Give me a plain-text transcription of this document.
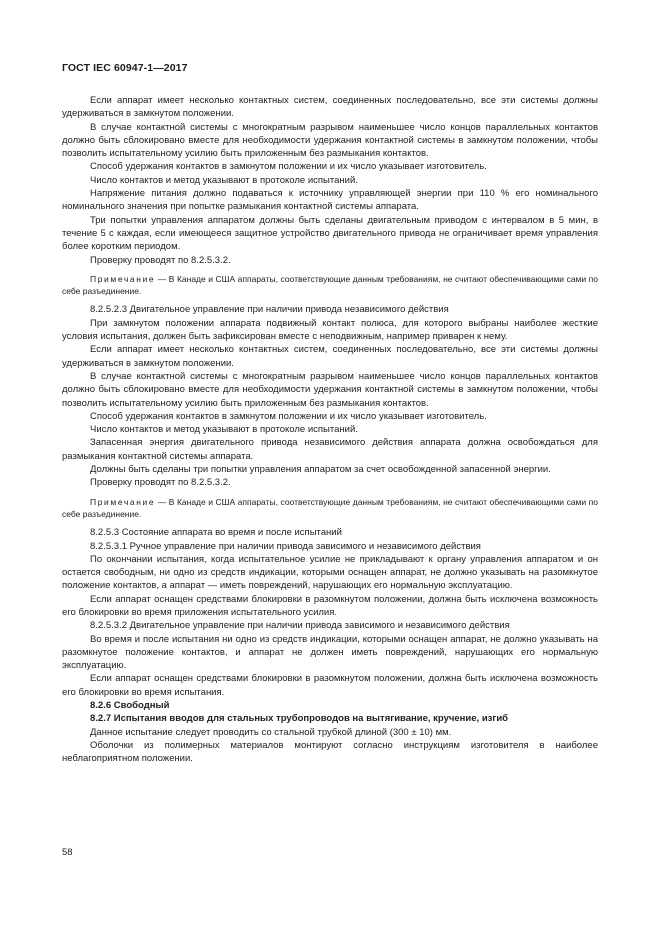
ГОСТ IEC 60947-1—2017

Если аппарат имеет несколько контактных систем, соединенных последовательно, все эти системы должны удерживаться в замкнутом положении.

В случае контактной системы с многократным разрывом наименьшее число концов параллельных контактов должно быть сблокировано вместе для необходимости удержания контактной системы в замкнутом положении, чтобы позволить испытательному усилию быть приложенным без размыкания контактов.

Способ удержания контактов в замкнутом положении и их число указывает изготовитель.

Число контактов и метод указывают в протоколе испытаний.

Напряжение питания должно подаваться к источнику управляющей энергии при 110 % его номинального номинального значения при попытке размыкания контактной системы аппарата.

Три попытки управления аппаратом должны быть сделаны двигательным приводом с интервалом в 5 мин, в течение 5 с каждая, если имеющееся защитное устройство двигательного привода не ограничивает время управления более коротким периодом.

Проверку проводят по 8.2.5.3.2.

Примечание — В Канаде и США аппараты, соответствующие данным требованиям, не считают обеспечивающими сами по себе разъединение.

8.2.5.2.3 Двигательное управление при наличии привода независимого действия

При замкнутом положении аппарата подвижный контакт полюса, для которого выбраны наиболее жесткие условия испытания, должен быть зафиксирован вместе с неподвижным, например приварен к нему.

Если аппарат имеет несколько контактных систем, соединенных последовательно, все эти системы должны удерживаться в замкнутом положении.

В случае контактной системы с многократным разрывом наименьшее число концов параллельных контактов должно быть сблокировано вместе для необходимости удержания контактной системы в замкнутом положении, чтобы позволить испытательному усилию быть приложенным без размыкания контактов.

Способ удержания контактов в замкнутом положении и их число указывает изготовитель.

Число контактов и метод указывают в протоколе испытаний.

Запасенная энергия двигательного привода независимого действия аппарата должна освобождаться для размыкания контактной системы аппарата.

Должны быть сделаны три попытки управления аппаратом за счет освобожденной запасенной энергии.

Проверку проводят по 8.2.5.3.2.

Примечание — В Канаде и США аппараты, соответствующие данным требованиям, не считают обеспечивающими сами по себе разъединение.

8.2.5.3 Состояние аппарата во время и после испытаний

8.2.5.3.1 Ручное управление при наличии привода зависимого и независимого действия

По окончании испытания, когда испытательное усилие не прикладывают к органу управления аппаратом и он остается свободным, ни одно из средств индикации, которыми оснащен аппарат, не должно указывать на разомкнутое положение контактов, а аппарат — иметь повреждений, нарушающих его нормальную эксплуатацию.

Если аппарат оснащен средствами блокировки в разомкнутом положении, должна быть исключена возможность его блокировки во время приложения испытательного усилия.

8.2.5.3.2 Двигательное управление при наличии привода зависимого и независимого действия

Во время и после испытания ни одно из средств индикации, которыми оснащен аппарат, не должно указывать на разомкнутое положение контактов, и аппарат не должен иметь повреждений, нарушающих его нормальную эксплуатацию.

Если аппарат оснащен средствами блокировки в разомкнутом положении, должна быть исключена возможность его блокировки во время испытания.

8.2.6 Свободный

8.2.7 Испытания вводов для стальных трубопроводов на вытягивание, кручение, изгиб

Данное испытание следует проводить со стальной трубкой длиной (300 ± 10) мм.

Оболочки из полимерных материалов монтируют согласно инструкциям изготовителя в наиболее неблагоприятном положении.

58
